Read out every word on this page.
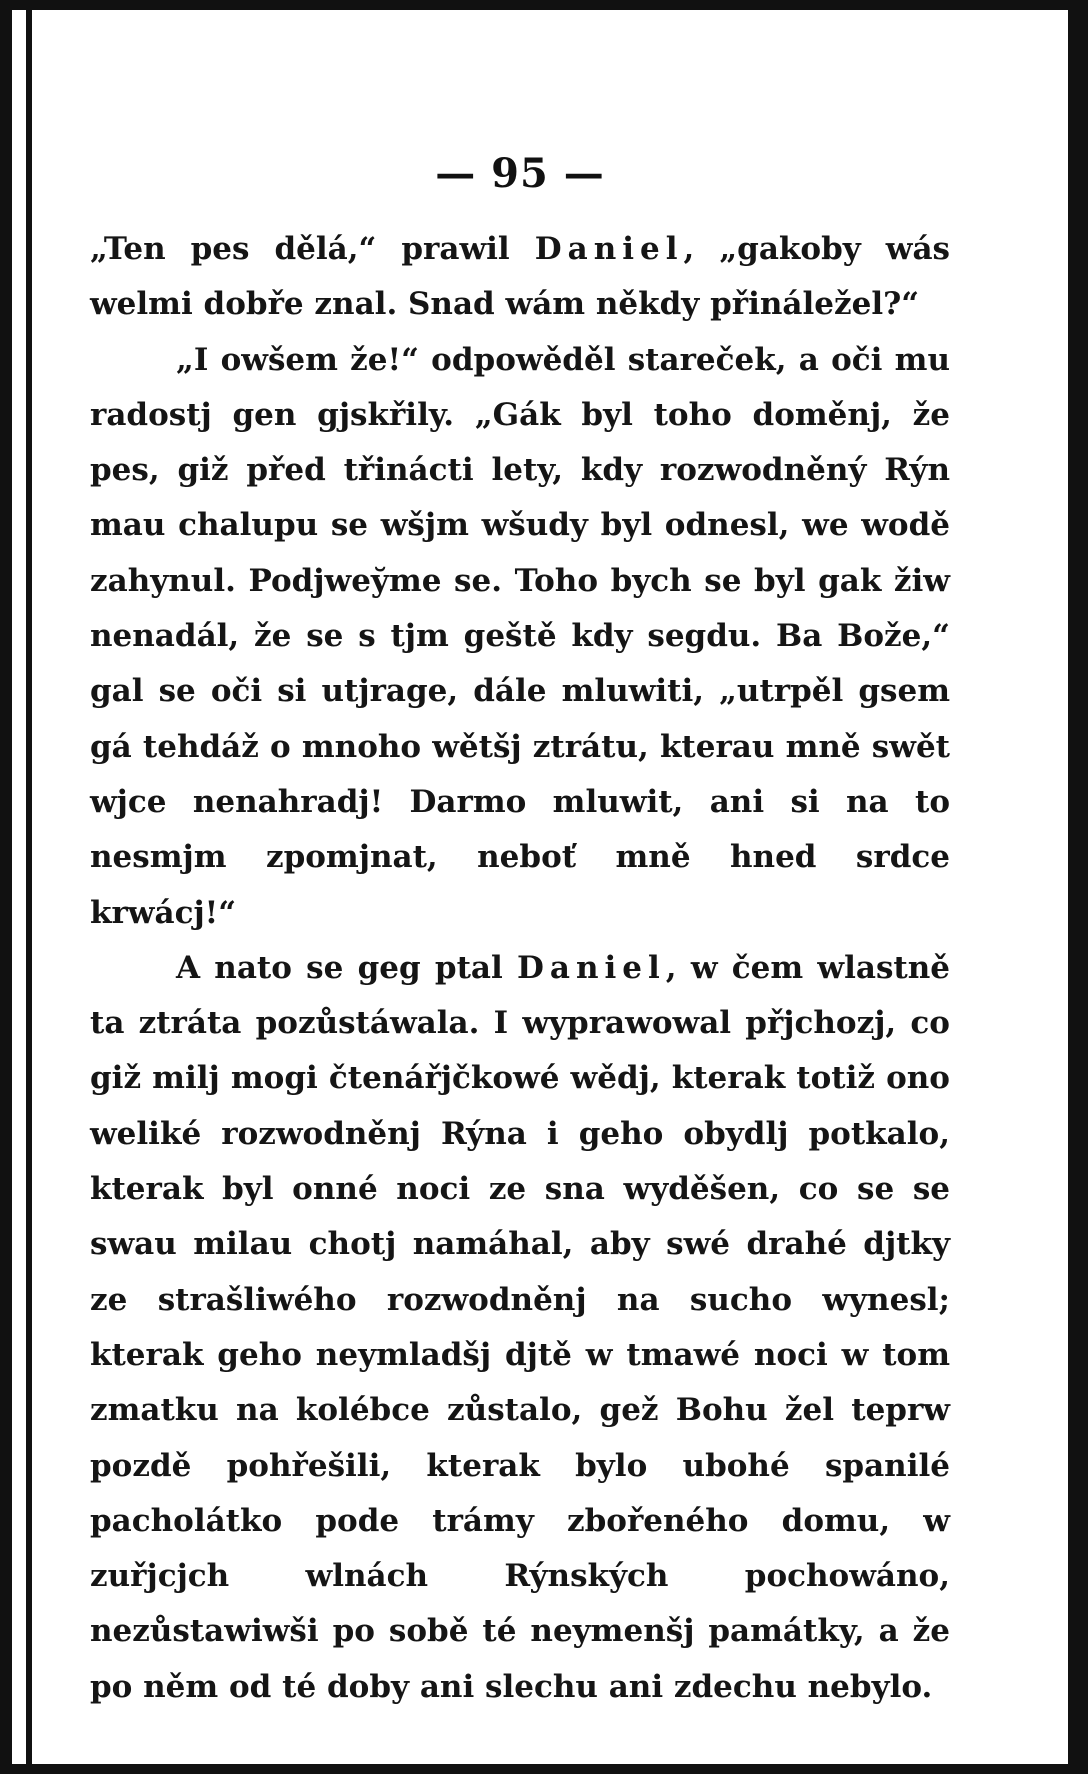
— 95 —

„Ten pes dělá,“ prawil Daniel, „gakoby wás welmi dobře znal. Snad wám někdy přináležel?“

„I owšem že!“ odpowěděl stareček, a oči mu radostj gen gjskřily. „Gák byl toho doměnj, že pes, giž před třinácti lety, kdy rozwodněný Rýn mau chalupu se wšjm wšudy byl odnesl, we wodě zahynul. Podjwey̆me se. Toho bych se byl gak žiw nenadál, že se s tjm geště kdy segdu. Ba Bože,“ gal se oči si utjrage, dále mluwiti, „utrpěl gsem gá tehdáž o mnoho wětšj ztrátu, kterau mně swět wjce nenahradj! Darmo mluwit, ani si na to nesmjm zpomjnat, neboť mně hned srdce krwácj!“

A nato se geg ptal Daniel, w čem wlastně ta ztráta pozůstáwala. I wyprawowal přjchozj, co giž milj mogi čtenářjčkowé wědj, kterak totiž ono weliké rozwodněnj Rýna i geho obydlj potkalo, kterak byl onné noci ze sna wyděšen, co se se swau milau chotj namáhal, aby swé drahé djtky ze strašliwého rozwodněnj na sucho wynesl; kterak geho neymladšj djtě w tmawé noci w tom zmatku na kolébce zůstalo, gež Bohu žel teprw pozdě pohřešili, kterak bylo ubohé spanilé pacholátko pode trámy zbořeného domu, w zuřjcjch wlnách Rýnských pochowáno, nezůstawiwši po sobě té neymenšj památky, a že po něm od té doby ani slechu ani zdechu nebylo.
